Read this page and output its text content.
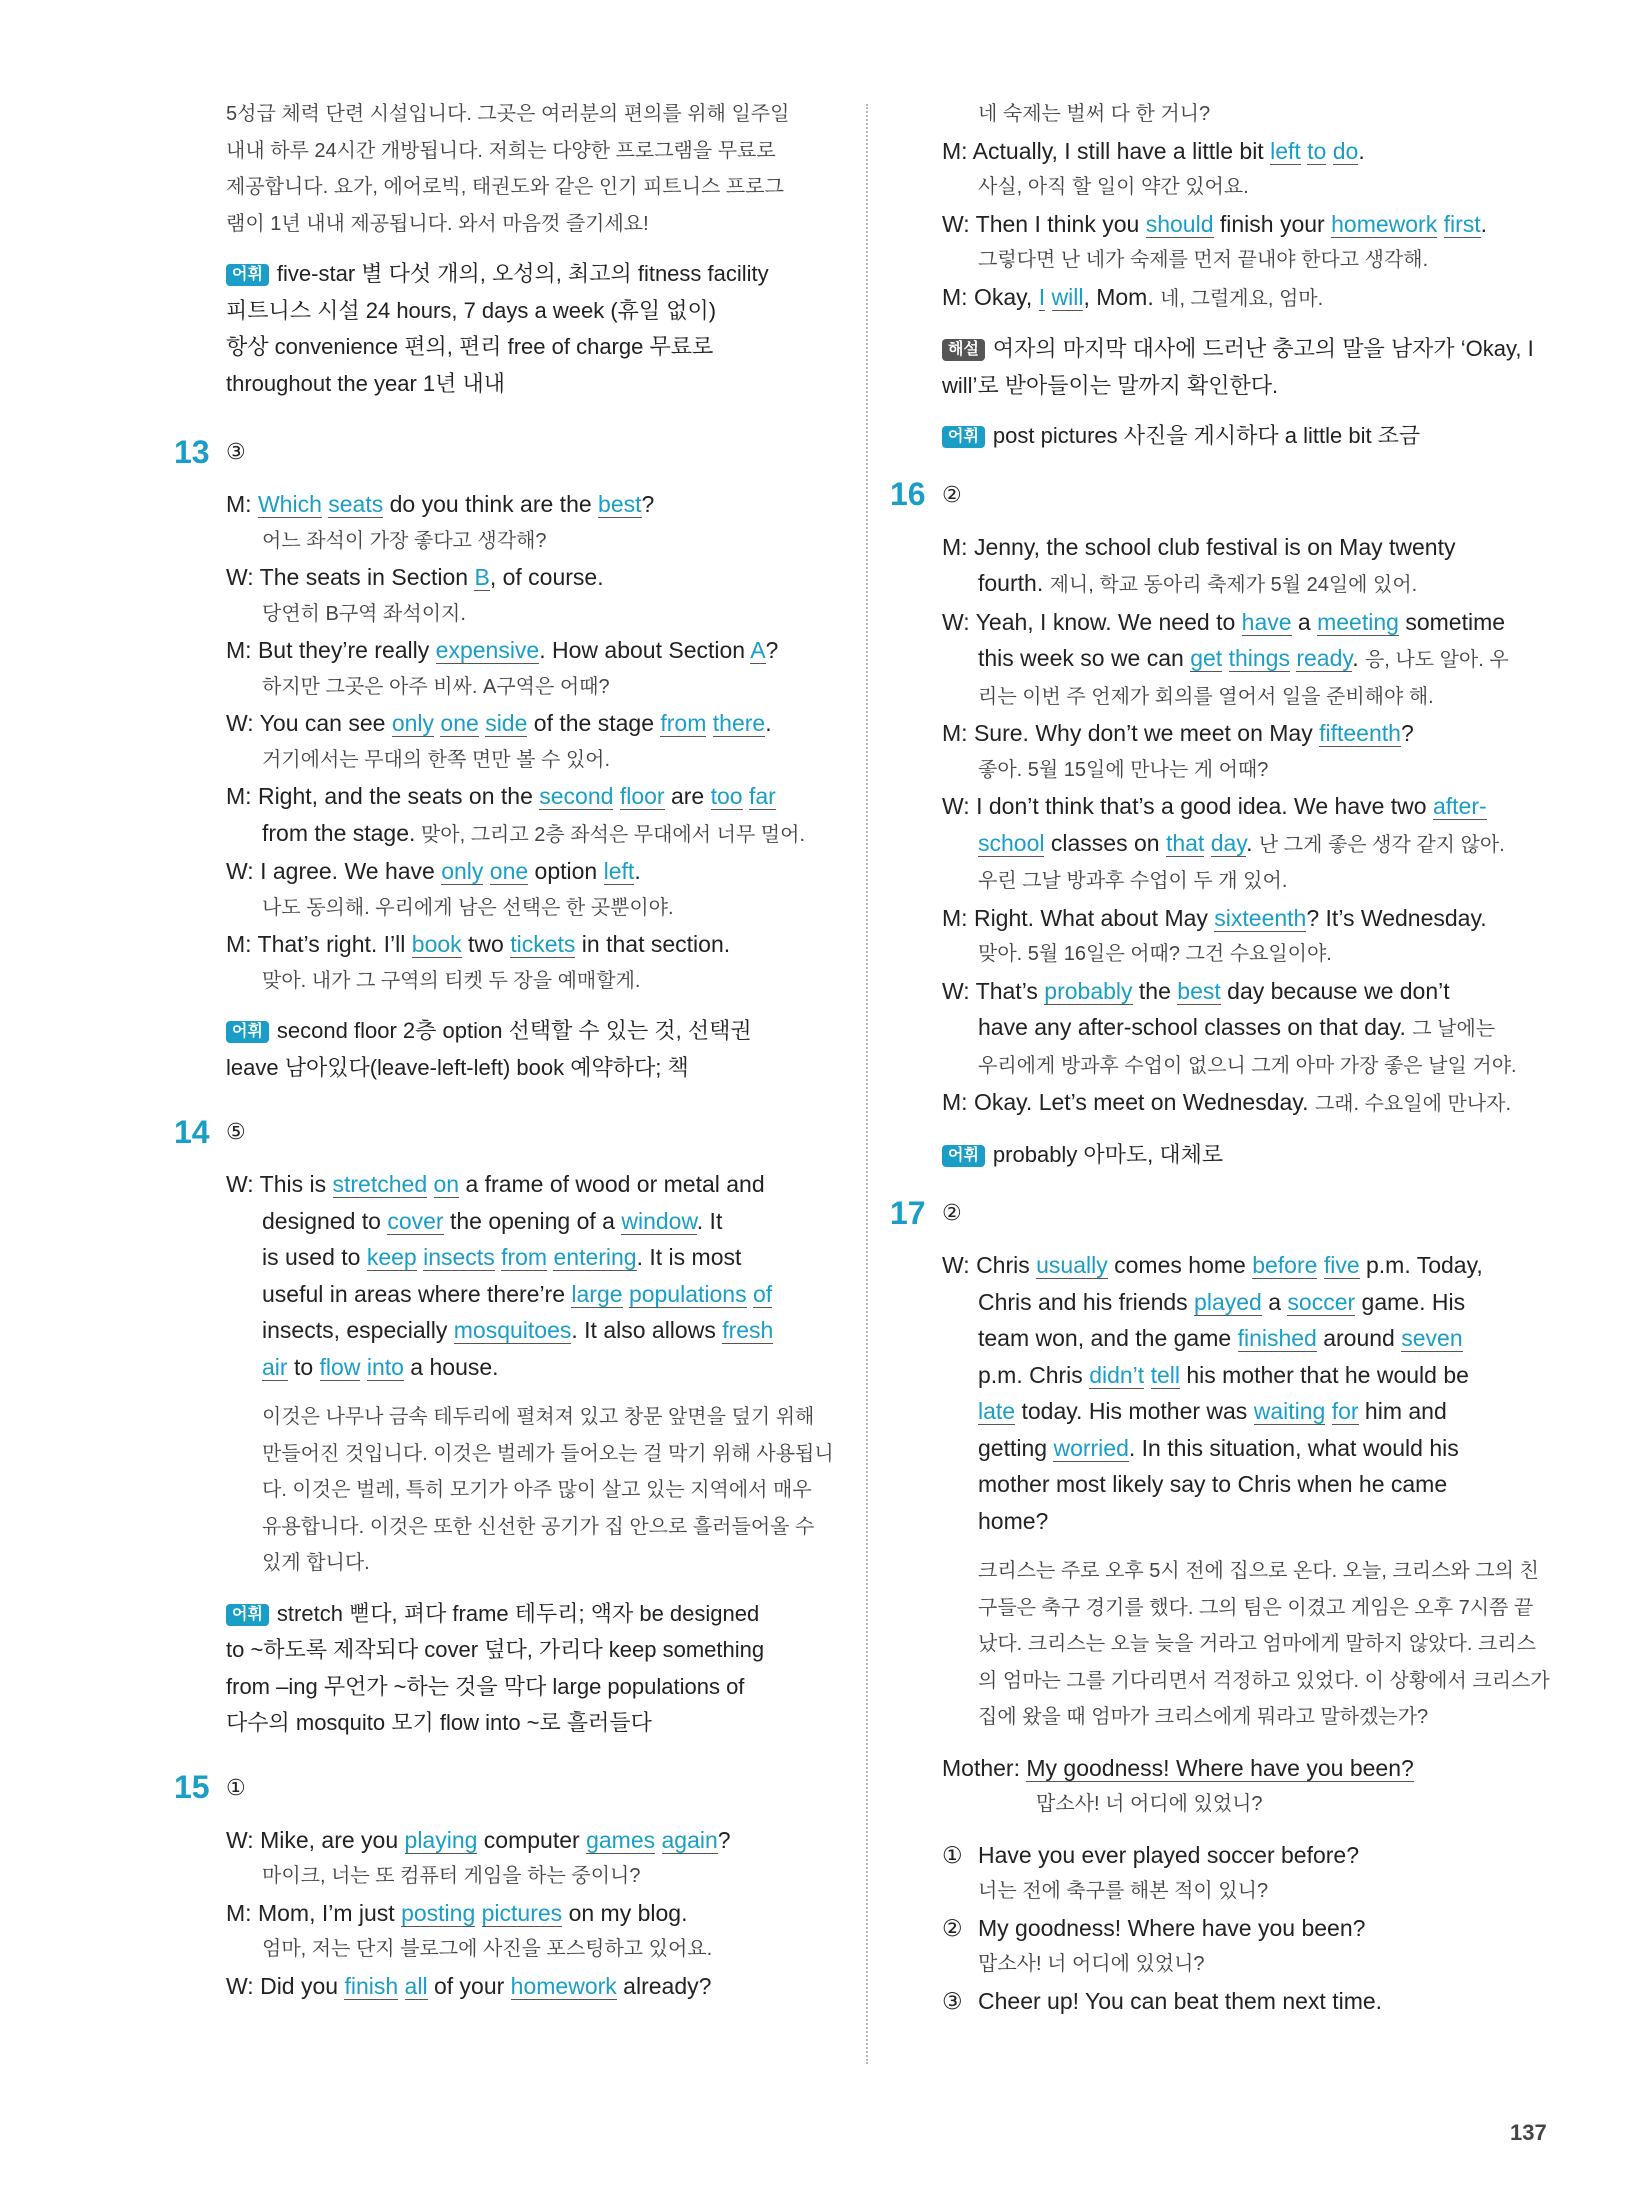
5성급 체력 단련 시설입니다. 그곳은 여러분의 편의를 위해 일주일

내내 하루 24시간 개방됩니다. 저희는 다양한 프로그램을 무료로

제공합니다. 요가, 에어로빅, 태권도와 같은 인기 피트니스 프로그

램이 1년 내내 제공됩니다. 와서 마음껏 즐기세요!

어휘 five-star 별 다섯 개의, 오성의, 최고의 fitness facility

피트니스 시설 24 hours, 7 days a week (휴일 없이)

항상 convenience 편의, 편리 free of charge 무료로

throughout the year 1년 내내

13 ③

M: Which seats do you think are the best?

어느 좌석이 가장 좋다고 생각해?

W: The seats in Section B, of course.

당연히 B구역 좌석이지.

M: But they’re really expensive. How about Section A?

하지만 그곳은 아주 비싸. A구역은 어때?

W: You can see only one side of the stage from there.

거기에서는 무대의 한쪽 면만 볼 수 있어.

M: Right, and the seats on the second floor are too far

from the stage. 맞아, 그리고 2층 좌석은 무대에서 너무 멀어.

W: I agree. We have only one option left.

나도 동의해. 우리에게 남은 선택은 한 곳뿐이야.

M: That’s right. I’ll book two tickets in that section.

맞아. 내가 그 구역의 티켓 두 장을 예매할게.

어휘 second floor 2층 option 선택할 수 있는 것, 선택권

leave 남아있다(leave-left-left) book 예약하다; 책

14 ⑤

W: This is stretched on a frame of wood or metal and

designed to cover the opening of a window. It

is used to keep insects from entering. It is most

useful in areas where there’re large populations of

insects, especially mosquitoes. It also allows fresh

air to flow into a house.

이것은 나무나 금속 테두리에 펼쳐져 있고 창문 앞면을 덮기 위해

만들어진 것입니다. 이것은 벌레가 들어오는 걸 막기 위해 사용됩니

다. 이것은 벌레, 특히 모기가 아주 많이 살고 있는 지역에서 매우

유용합니다. 이것은 또한 신선한 공기가 집 안으로 흘러들어올 수

있게 합니다.

어휘 stretch 뻗다, 펴다 frame 테두리; 액자 be designed

to ~하도록 제작되다 cover 덮다, 가리다 keep something

from –ing 무언가 ~하는 것을 막다 large populations of

다수의 mosquito 모기 flow into ~로 흘러들다

15 ①

W: Mike, are you playing computer games again?

마이크, 너는 또 컴퓨터 게임을 하는 중이니?

M: Mom, I’m just posting pictures on my blog.

엄마, 저는 단지 블로그에 사진을 포스팅하고 있어요.

W: Did you finish all of your homework already?

네 숙제는 벌써 다 한 거니?

M: Actually, I still have a little bit left to do.

사실, 아직 할 일이 약간 있어요.

W: Then I think you should finish your homework first.

그렇다면 난 네가 숙제를 먼저 끝내야 한다고 생각해.

M: Okay, I will, Mom. 네, 그럴게요, 엄마.

해설 여자의 마지막 대사에 드러난 충고의 말을 남자가 ‘Okay, I

will’로 받아들이는 말까지 확인한다.

어휘 post pictures 사진을 게시하다 a little bit 조금

16 ②

M: Jenny, the school club festival is on May twenty

fourth. 제니, 학교 동아리 축제가 5월 24일에 있어.

W: Yeah, I know. We need to have a meeting sometime

this week so we can get things ready. 응, 나도 알아. 우

리는 이번 주 언제가 회의를 열어서 일을 준비해야 해.

M: Sure. Why don’t we meet on May fifteenth?

좋아. 5월 15일에 만나는 게 어때?

W: I don’t think that’s a good idea. We have two after-

school classes on that day. 난 그게 좋은 생각 같지 않아.

우린 그날 방과후 수업이 두 개 있어.

M: Right. What about May sixteenth? It’s Wednesday.

맞아. 5월 16일은 어때? 그건 수요일이야.

W: That’s probably the best day because we don’t

have any after-school classes on that day. 그 날에는

우리에게 방과후 수업이 없으니 그게 아마 가장 좋은 날일 거야.

M: Okay. Let’s meet on Wednesday. 그래. 수요일에 만나자.

어휘 probably 아마도, 대체로

17 ②

W: Chris usually comes home before five p.m. Today,

Chris and his friends played a soccer game. His

team won, and the game finished around seven

p.m. Chris didn’t tell his mother that he would be

late today. His mother was waiting for him and

getting worried. In this situation, what would his

mother most likely say to Chris when he came

home?

크리스는 주로 오후 5시 전에 집으로 온다. 오늘, 크리스와 그의 친

구들은 축구 경기를 했다. 그의 팀은 이겼고 게임은 오후 7시쯤 끝

났다. 크리스는 오늘 늦을 거라고 엄마에게 말하지 않았다. 크리스

의 엄마는 그를 기다리면서 걱정하고 있었다. 이 상황에서 크리스가

집에 왔을 때 엄마가 크리스에게 뭐라고 말하겠는가?

Mother: My goodness! Where have you been?

맙소사! 너 어디에 있었니?

① Have you ever played soccer before?

너는 전에 축구를 해본 적이 있니?

② My goodness! Where have you been?

맙소사! 너 어디에 있었니?

③ Cheer up! You can beat them next time.

137
